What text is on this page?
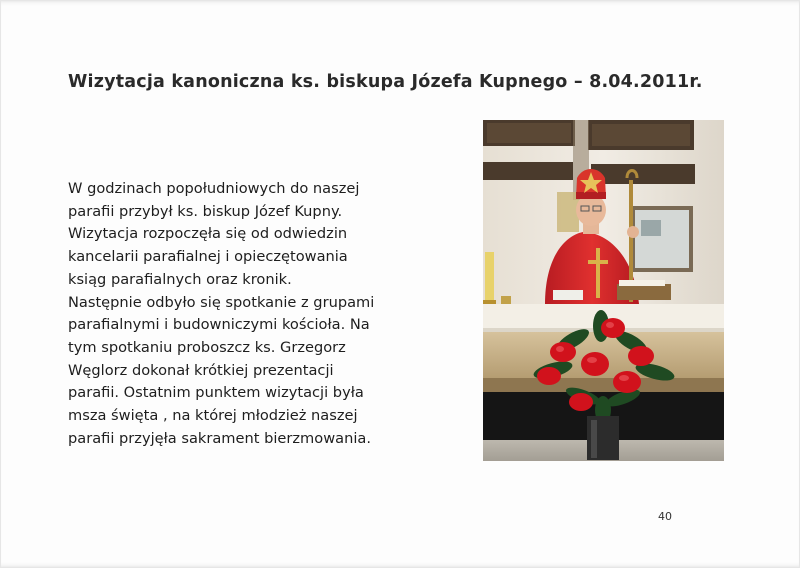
Wizytacja kanoniczna ks. biskupa Józefa Kupnego – 8.04.2011r.
W godzinach popołudniowych do naszej
parafii przybył ks. biskup Józef Kupny.
Wizytacja rozpoczęła się od odwiedzin
kancelarii parafialnej i opieczętowania
ksiąg parafialnych oraz kronik.
Następnie odbyło się spotkanie z grupami
parafialnymi i budowniczymi kościoła. Na
tym spotkaniu proboszcz ks. Grzegorz
Węglorz dokonał krótkiej prezentacji
parafii. Ostatnim punktem wizytacji była
msza święta , na której młodzież naszej
parafii przyjęła sakrament bierzmowania.
40
